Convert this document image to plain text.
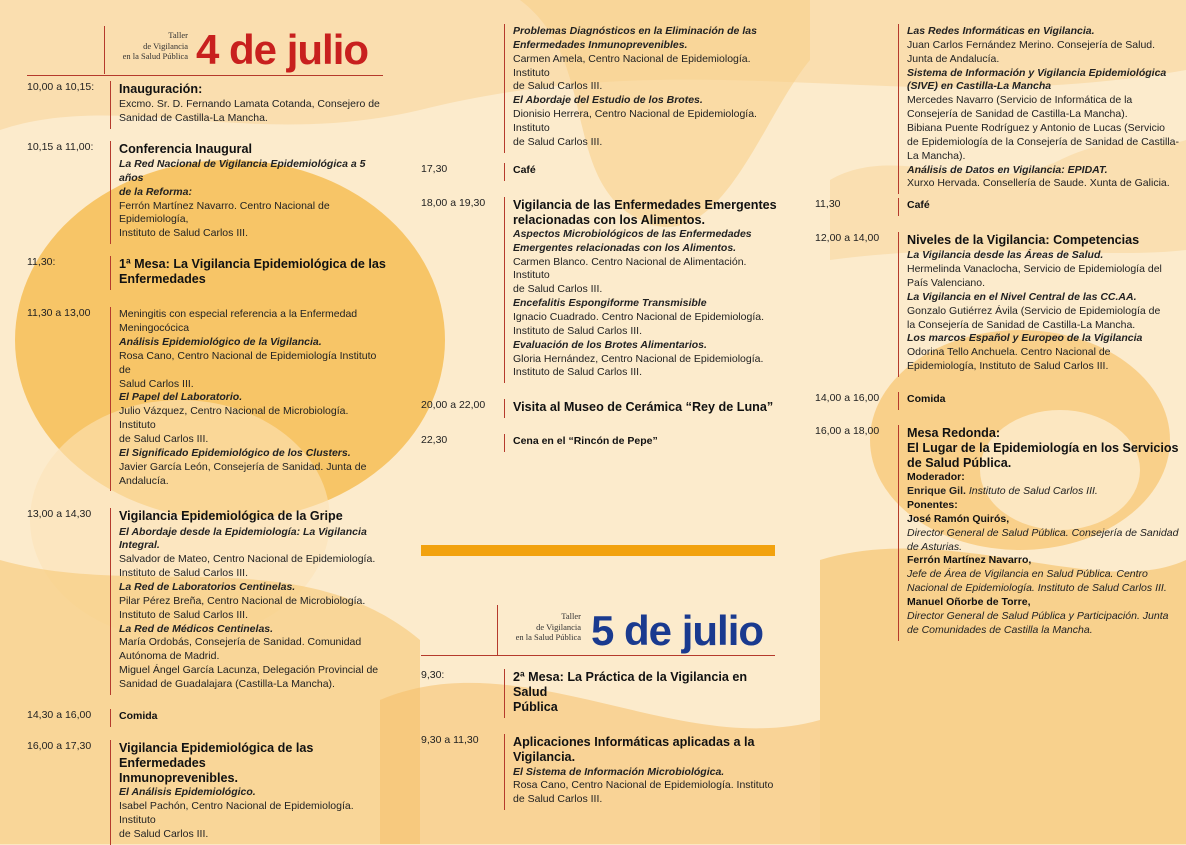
Taller
de Vigilancia
en la Salud Pública 4 de julio
Taller
de Vigilancia
en la Salud Pública 5 de julio
10,00 a 10,15:	Inauguración:
Excmo. Sr. D. Fernando Lamata Cotanda, Consejero de
Sanidad de Castilla-La Mancha.
10,15 a 11,00:	Conferencia Inaugural
La Red Nacional de Vigilancia Epidemiológica a 5 años
de la Reforma:
Ferrón Martínez Navarro. Centro Nacional de Epidemiología,
Instituto de Salud Carlos III.
11,30:	1ª Mesa: La Vigilancia Epidemiológica de las
Enfermedades
11,30 a 13,00	Meningitis con especial referencia a la Enfermedad
Meningocócica
Análisis Epidemiológico de la Vigilancia.
Rosa Cano, Centro Nacional de Epidemiología Instituto de
Salud Carlos III.
El Papel del Laboratorio.
Julio Vázquez, Centro Nacional de Microbiología. Instituto
de Salud Carlos III.
El Significado Epidemiológico de los Clusters.
Javier García León, Consejería de Sanidad. Junta de
Andalucía.
13,00 a 14,30	Vigilancia Epidemiológica de la Gripe
El Abordaje desde la Epidemiología: La Vigilancia
Integral.
Salvador de Mateo, Centro Nacional de Epidemiología.
Instituto de Salud Carlos III.
La Red de Laboratorios Centinelas.
Pilar Pérez Breña, Centro Nacional de Microbiología.
Instituto de Salud Carlos III.
La Red de Médicos Centinelas.
María Ordobás, Consejería de Sanidad. Comunidad
Autónoma de Madrid.
Miguel Ángel García Lacunza, Delegación Provincial de
Sanidad de Guadalajara (Castilla-La Mancha).
14,30 a 16,00	Comida
16,00 a 17,30	Vigilancia Epidemiológica de las Enfermedades
Inmunoprevenibles.
El Análisis Epidemiológico.
Isabel Pachón, Centro Nacional de Epidemiología. Instituto
de Salud Carlos III.
Problemas Diagnósticos en la Eliminación de las
Enfermedades Inmunoprevenibles.
Carmen Amela, Centro Nacional de Epidemiología. Instituto
de Salud Carlos III.
El Abordaje del Estudio de los Brotes.
Dionisio Herrera, Centro Nacional de Epidemiología. Instituto
de Salud Carlos III.
17,30	Café
18,00 a 19,30	Vigilancia de las Enfermedades Emergentes
relacionadas con los Alimentos.
Aspectos Microbiológicos de las Enfermedades
Emergentes relacionadas con los Alimentos.
Carmen Blanco. Centro Nacional de Alimentación. Instituto
de Salud Carlos III.
Encefalitis Espongiforme Transmisible
Ignacio Cuadrado. Centro Nacional de Epidemiología.
Instituto de Salud Carlos III.
Evaluación de los Brotes Alimentarios.
Gloria Hernández, Centro Nacional de Epidemiología.
Instituto de Salud Carlos III.
20,00 a 22,00	Visita al Museo de Cerámica “Rey de Luna”
22,30	Cena en el “Rincón de Pepe”
9,30:	2ª Mesa: La Práctica de la Vigilancia en Salud
Pública
9,30 a 11,30	Aplicaciones Informáticas aplicadas a la
Vigilancia.
El Sistema de Información Microbiológica.
Rosa Cano, Centro Nacional de Epidemiología. Instituto
de Salud Carlos III.
Las Redes Informáticas en Vigilancia.
Juan Carlos Fernández Merino. Consejería de Salud.
Junta de Andalucía.
Sistema de Información y Vigilancia Epidemiológica
(SIVE) en Castilla-La Mancha
Mercedes Navarro (Servicio de Informática de la
Consejería de Sanidad de Castilla-La Mancha).
Bibiana Puente Rodríguez y Antonio de Lucas (Servicio
de Epidemiología de la Consejería de Sanidad de Castilla-
La Mancha).
Análisis de Datos en Vigilancia: EPIDAT.
Xurxo Hervada. Consellería de Saude. Xunta de Galicia.
11,30	Café
12,00 a 14,00	Niveles de la Vigilancia: Competencias
La Vigilancia desde las Áreas de Salud.
Hermelinda Vanaclocha, Servicio de Epidemiología del
País Valenciano.
La Vigilancia en el Nivel Central de las CC.AA.
Gonzalo Gutiérrez Ávila (Servicio de Epidemiología de
la Consejería de Sanidad de Castilla-La Mancha.
Los marcos Español y Europeo de la Vigilancia
Odorina Tello Anchuela. Centro Nacional de
Epidemiología, Instituto de Salud Carlos III.
14,00 a 16,00	Comida
16,00 a 18,00	Mesa Redonda:
El Lugar de la Epidemiología en los Servicios
de Salud Pública.
Moderador:
Enrique Gil. Instituto de Salud Carlos III.
Ponentes:
José Ramón Quirós,
Director General de Salud Pública. Consejería de Sanidad
de Asturias.
Ferrón Martínez Navarro,
Jefe de Área de Vigilancia en Salud Pública. Centro
Nacional de Epidemiología. Instituto de Salud Carlos III.
Manuel Oñorbe de Torre,
Director General de Salud Pública y Participación. Junta
de Comunidades de Castilla la Mancha.
